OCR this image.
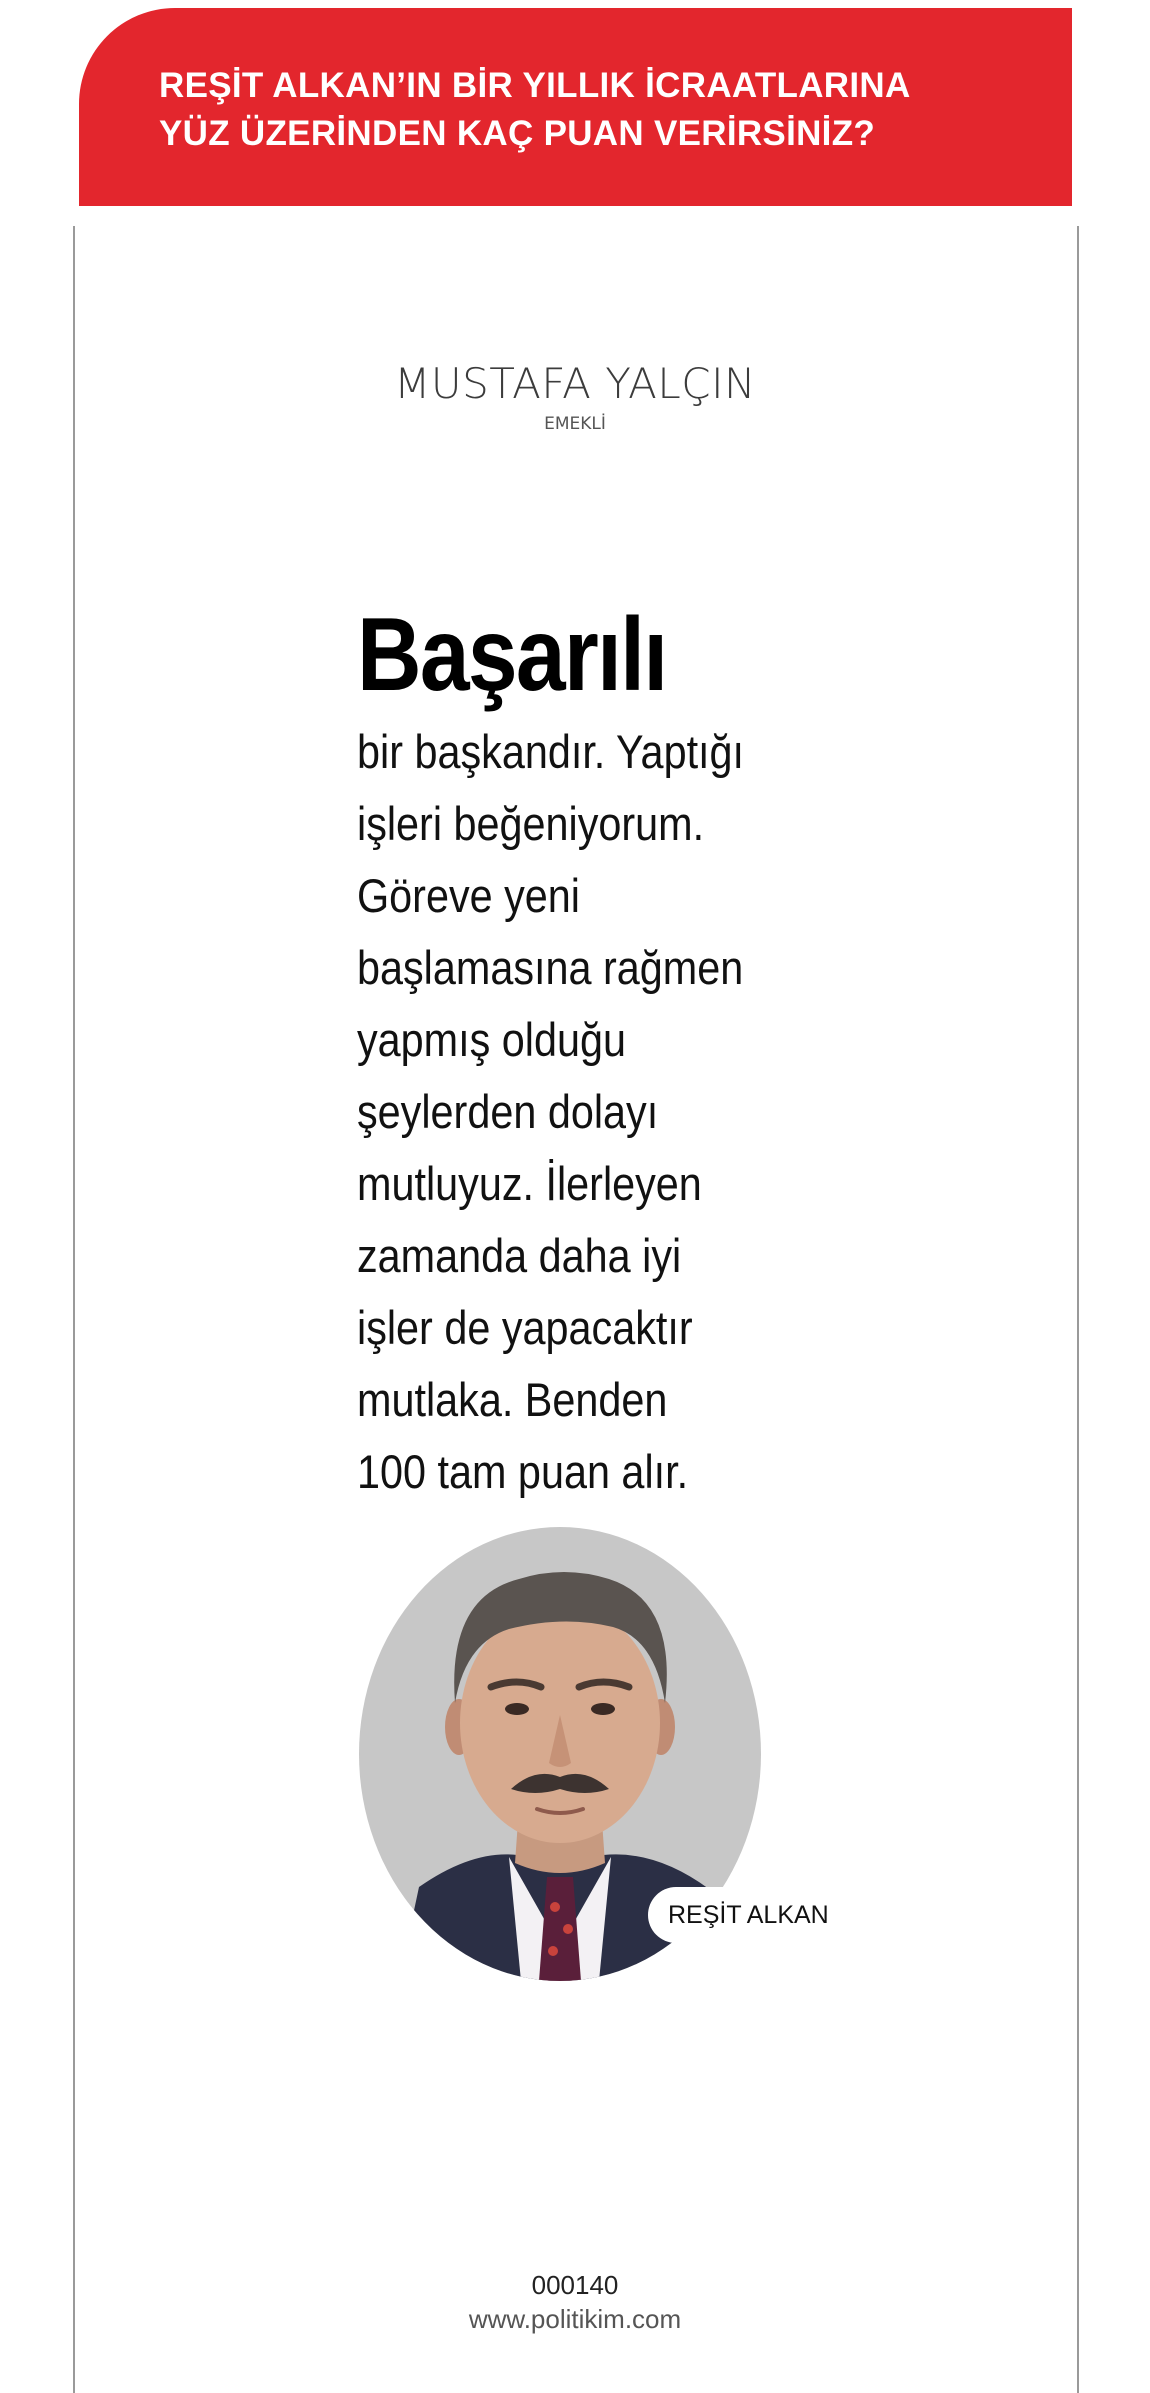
REŞİT ALKAN’IN BİR YILLIK İCRAATLARINA
YÜZ ÜZERİNDEN KAÇ PUAN VERİRSİNİZ?
MUSTAFA YALÇIN
EMEKLİ
Başarılı
bir başkandır. Yaptığı
işleri beğeniyorum.
Göreve yeni
başlamasına rağmen
yapmış olduğu
şeylerden dolayı
mutluyuz. İlerleyen
zamanda daha iyi
işler de yapacaktır
mutlaka. Benden
100 tam puan alır.
REŞİT ALKAN
000140
www.politikim.com
